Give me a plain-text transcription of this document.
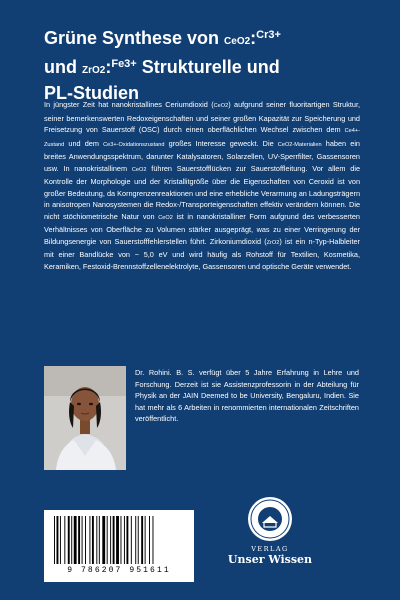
Grüne Synthese von CeO2:$^{Cr3+}$
und ZrO2:$^{Fe3+}$ Strukturelle und
PL-Studien
In jüngster Zeit hat nanokristallines Ceriumdioxid (CeO2) aufgrund seiner fluoritartigen Struktur, seiner bemerkenswerten Redoxeigenschaften und seiner großen Kapazität zur Speicherung und Freisetzung von Sauerstoff (OSC) durch einen oberflächlichen Wechsel zwischen dem Ce4+-Zustand und dem Ce3+-Oxidationszustand großes Interesse geweckt. Die CeO2-Materialien haben ein breites Anwendungsspektrum, darunter Katalysatoren, Solarzellen, UV-Sperrfilter, Gassensoren usw. In nanokristallinem CeO2 führen Sauerstofflücken zur Sauerstoffleitung. Vor allem die Kontrolle der Morphologie und der Kristallitgröße über die Eigenschaften von Ceroxid ist von großer Bedeutung, da Korngrenzenreaktionen und eine erhebliche Verarmung an Ladungsträgern in anisotropen Nanosystemen die Redox-/Transporteigenschaften effektiv verändern können. Die nicht stöchiometrische Natur von CeO2 ist in nanokristalliner Form aufgrund des verbesserten Verhältnisses von Oberfläche zu Volumen stärker ausgeprägt, was zu einer Verringerung der Bildungsenergie von Sauerstofffehlerstellen führt. Zirkoniumdioxid (ZrO2) ist ein n-Typ-Halbleiter mit einer Bandlücke von ~ 5,0 eV und wird häufig als Rohstoff für Textilien, Kosmetika, Keramiken, Festoxid-Brennstoffzellenelektrolyte, Gassensoren und optische Geräte verwendet.
Dr. Rohini. B. S. verfügt über 5 Jahre Erfahrung in Lehre und Forschung. Derzeit ist sie Assistenzprofessorin in der Abteilung für Physik an der JAIN Deemed to be University, Bengaluru, Indien. Sie hat mehr als 6 Arbeiten in renommierten internationalen Zeitschriften veröffentlicht.
9 786207 951611
VERLAG
Unser Wissen
